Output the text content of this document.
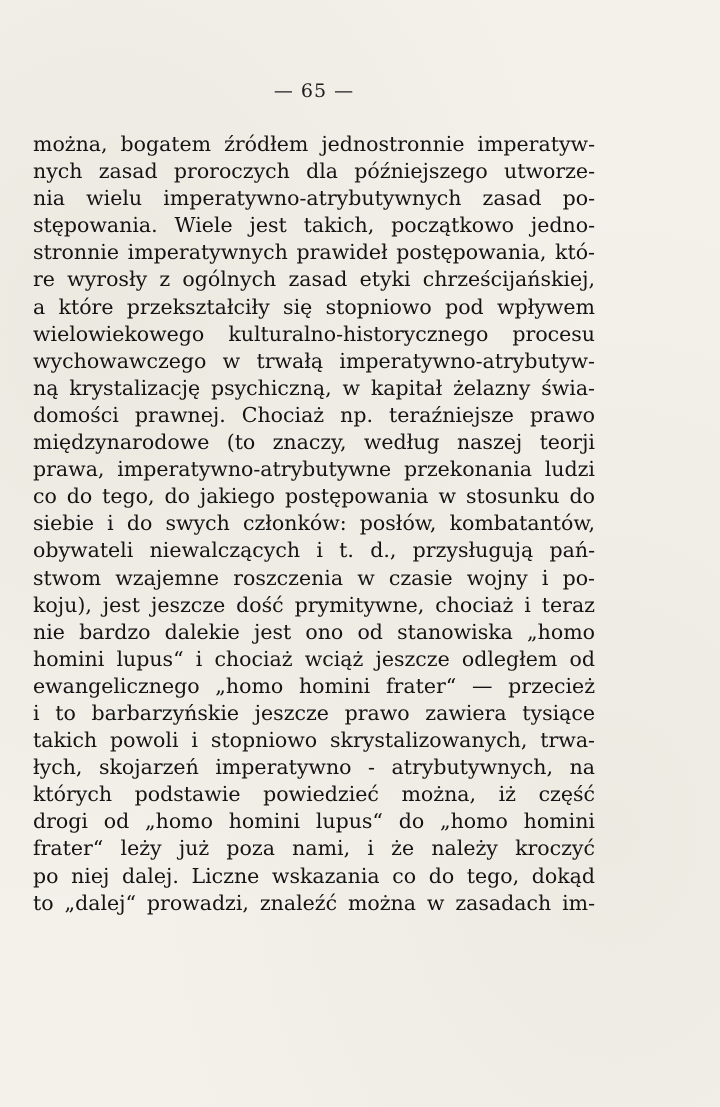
— 65 —
można, bogatem źródłem jednostronnie imperatyw-
nych zasad proroczych dla późniejszego utworze-
nia wielu imperatywno-atrybutywnych zasad po-
stępowania. Wiele jest takich, początkowo jedno-
stronnie imperatywnych prawideł postępowania, któ-
re wyrosły z ogólnych zasad etyki chrześcijańskiej,
a które przekształciły się stopniowo pod wpływem
wielowiekowego kulturalno-historycznego procesu
wychowawczego w trwałą imperatywno-atrybutyw-
ną krystalizację psychiczną, w kapitał żelazny świa-
domości prawnej. Chociaż np. teraźniejsze prawo
międzynarodowe (to znaczy, według naszej teorji
prawa, imperatywno-atrybutywne przekonania ludzi
co do tego, do jakiego postępowania w stosunku do
siebie i do swych członków: posłów, kombatantów,
obywateli niewalczących i t. d., przysługują pań-
stwom wzajemne roszczenia w czasie wojny i po-
koju), jest jeszcze dość prymitywne, chociaż i teraz
nie bardzo dalekie jest ono od stanowiska „homo
homini lupus“ i chociaż wciąż jeszcze odległem od
ewangelicznego „homo homini frater“ — przecież
i to barbarzyńskie jeszcze prawo zawiera tysiące
takich powoli i stopniowo skrystalizowanych, trwa-
łych, skojarzeń imperatywno - atrybutywnych, na
których podstawie powiedzieć można, iż część
drogi od „homo homini lupus“ do „homo homini
frater“ leży już poza nami, i że należy kroczyć
po niej dalej. Liczne wskazania co do tego, dokąd
to „dalej“ prowadzi, znaleźć można w zasadach im-
